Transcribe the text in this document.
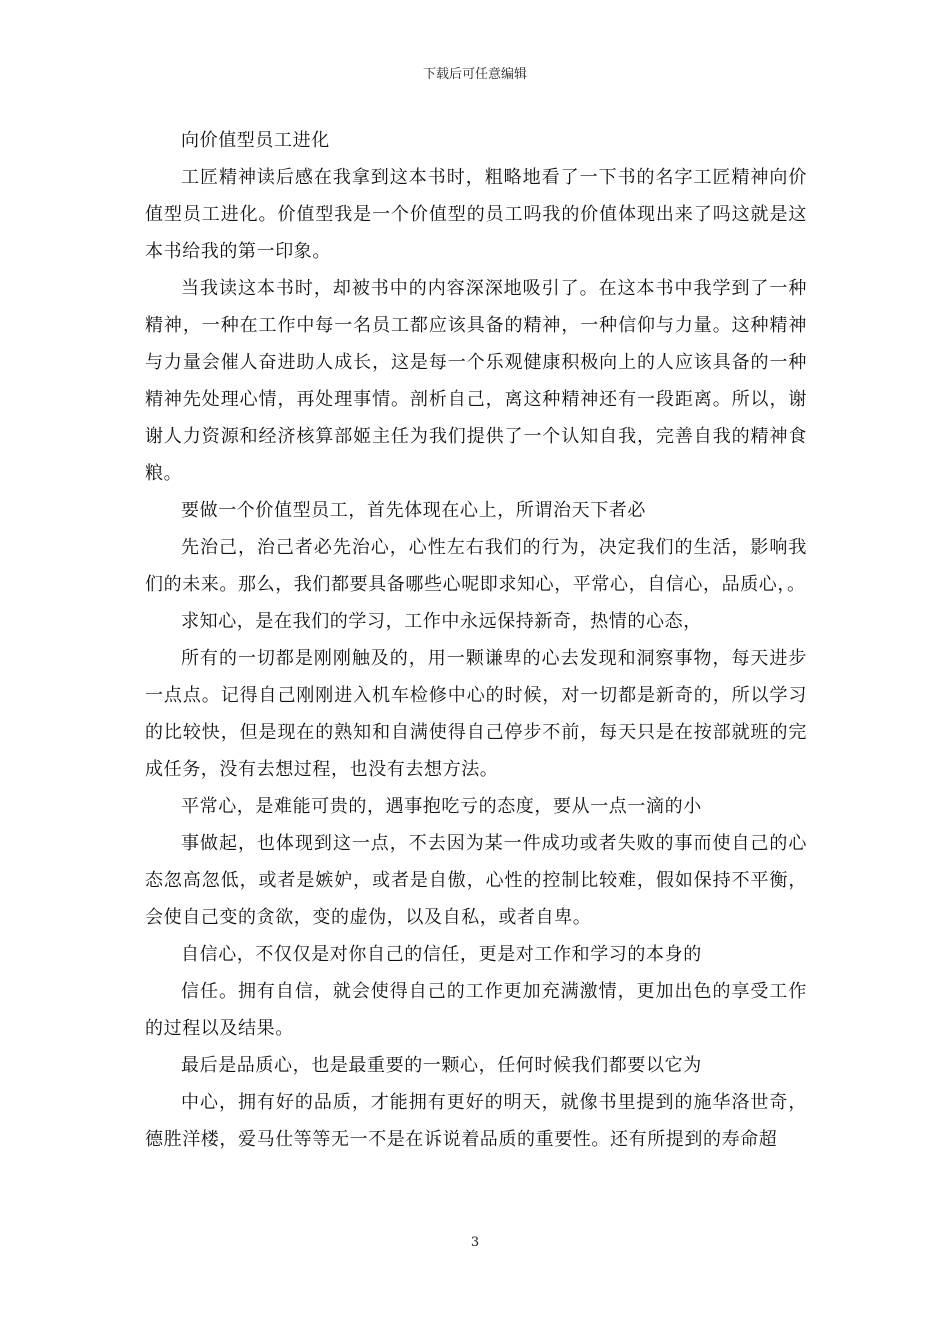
下载后可任意编辑

向价值型员工进化

工匠精神读后感在我拿到这本书时，粗略地看了一下书的名字工匠精神向价值型员工进化。价值型我是一个价值型的员工吗我的价值体现出来了吗这就是这本书给我的第一印象。

当我读这本书时，却被书中的内容深深地吸引了。在这本书中我学到了一种精神，一种在工作中每一名员工都应该具备的精神，一种信仰与力量。这种精神与力量会催人奋进助人成长，这是每一个乐观健康积极向上的人应该具备的一种精神先处理心情，再处理事情。剖析自己，离这种精神还有一段距离。所以，谢谢人力资源和经济核算部姬主任为我们提供了一个认知自我，完善自我的精神食粮。

要做一个价值型员工，首先体现在心上，所谓治天下者必

先治己，治己者必先治心，心性左右我们的行为，决定我们的生活，影响我们的未来。那么，我们都要具备哪些心呢即求知心，平常心，自信心，品质心，。

求知心，是在我们的学习，工作中永远保持新奇，热情的心态，

所有的一切都是刚刚触及的，用一颗谦卑的心去发现和洞察事物，每天进步一点点。记得自己刚刚进入机车检修中心的时候，对一切都是新奇的，所以学习的比较快，但是现在的熟知和自满使得自己停步不前，每天只是在按部就班的完成任务，没有去想过程，也没有去想方法。

平常心，是难能可贵的，遇事抱吃亏的态度，要从一点一滴的小

事做起，也体现到这一点，不去因为某一件成功或者失败的事而使自己的心态忽高忽低，或者是嫉妒，或者是自傲，心性的控制比较难，假如保持不平衡，会使自己变的贪欲，变的虚伪，以及自私，或者自卑。

自信心，不仅仅是对你自己的信任，更是对工作和学习的本身的

信任。拥有自信，就会使得自己的工作更加充满激情，更加出色的享受工作的过程以及结果。

最后是品质心，也是最重要的一颗心，任何时候我们都要以它为

中心，拥有好的品质，才能拥有更好的明天，就像书里提到的施华洛世奇，德胜洋楼，爱马仕等等无一不是在诉说着品质的重要性。还有所提到的寿命超

3
